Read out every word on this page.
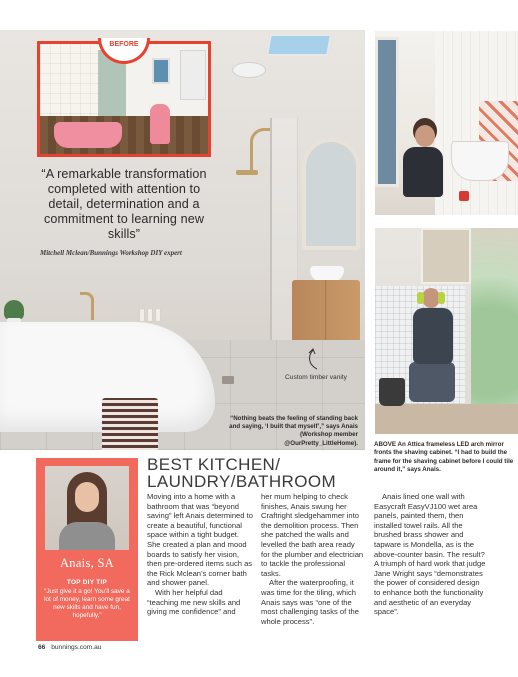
BEFORE
“A remarkable transformation completed with attention to detail, determination and a commitment to learning new skills”
Mitchell Mclean/Bunnings Workshop DIY expert
Custom timber vanity
“Nothing beats the feeling of standing back and saying, ‘I built that myself’,” says Anais (Workshop member @OurPretty_LittleHome).	ABOVE An Attica frameless LED arch mirror fronts the shaving cabinet. “I had to build the frame for the shaving cabinet before I could tile around it,” says Anais.
Anais, SA
TOP DIY TIP
“Just give it a go! You’ll save a lot of money, learn some great new skills and have fun, hopefully.”
BEST KITCHEN/
LAUNDRY/BATHROOM

Moving into a home with a bathroom that was “beyond saving” left Anais determined to create a beautiful, functional space within a tight budget. She created a plan and mood boards to satisfy her vision, then pre-ordered items such as the Rick Mclean’s corner bath and shower panel.

With her helpful dad “teaching me new skills and giving me confidence” and

her mum helping to check finishes, Anais swung her Craftright sledgehammer into the demolition process. Then she patched the walls and levelled the bath area ready for the plumber and electrician to tackle the professional tasks.

After the waterproofing, it was time for the tiling, which Anais says was “one of the most challenging tasks of the whole process”.

Anais lined one wall with Easycraft EasyVJ100 wet area panels, painted them, then installed towel rails. All the brushed brass shower and tapware is Mondella, as is the above-counter basin. The result? A triumph of hard work that judge Jane Wright says “demonstrates the power of considered design to enhance both the functionality and aesthetic of an everyday space”.

66 bunnings.com.au
